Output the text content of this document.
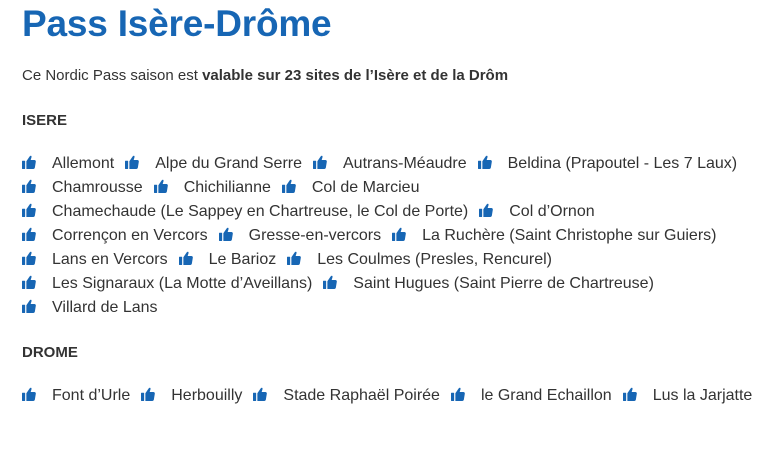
Pass Isère-Drôme
Ce Nordic Pass saison est valable sur 23 sites de l’Isère et de la Drôm
ISERE
Allemont	Alpe du Grand Serre	Autrans-Méaudre	Beldina (Prapoutel - Les 7 Laux)
Chamrousse	Chichilianne	Col de Marcieu
Chamechaude (Le Sappey en Chartreuse, le Col de Porte)	Col d’Ornon
Corrençon en Vercors	Gresse-en-vercors	La Ruchère (Saint Christophe sur Guiers)
Lans en Vercors	Le Barioz	Les Coulmes (Presles, Rencurel)
Les Signaraux (La Motte d’Aveillans)	Saint Hugues (Saint Pierre de Chartreuse)
Villard de Lans
DROME
Font d’Urle	Herbouilly	Stade Raphaël Poirée	le Grand Echaillon	Lus la Jarjatte
